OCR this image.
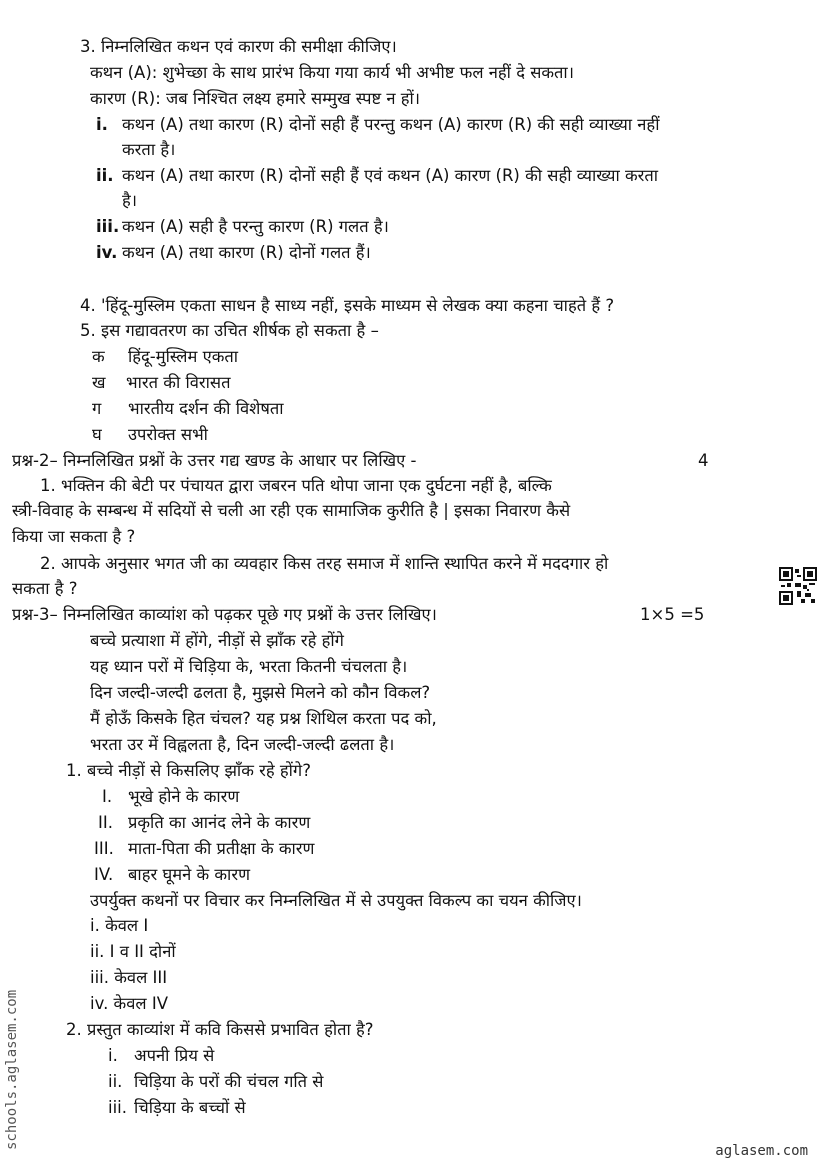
3. निम्नलिखित कथन एवं कारण की समीक्षा कीजिए।
कथन (A): शुभेच्छा के साथ प्रारंभ किया गया कार्य भी अभीष्ट फल नहीं दे सकता।
कारण (R): जब निश्चित लक्ष्य हमारे सम्मुख स्पष्ट न हों।
i. कथन (A) तथा कारण (R) दोनों सही हैं परन्तु कथन (A) कारण (R) की सही व्याख्या नहीं
करता है।
ii. कथन (A) तथा कारण (R) दोनों सही हैं एवं कथन (A) कारण (R) की सही व्याख्या करता
है।
iii. कथन (A) सही है परन्तु कारण (R) गलत है।
iv. कथन (A) तथा कारण (R) दोनों गलत हैं।
4. 'हिंदू-मुस्लिम एकता साधन है साध्य नहीं, इसके माध्यम से लेखक क्या कहना चाहते हैं ?
5. इस गद्यावतरण का उचित शीर्षक हो सकता है –
क हिंदू-मुस्लिम एकता
ख भारत की विरासत
ग भारतीय दर्शन की विशेषता
घ उपरोक्त सभी
प्रश्न-2– निम्नलिखित प्रश्नों के उत्तर गद्य खण्ड के आधार पर लिखिए -	4
1. भक्तिन की बेटी पर पंचायत द्वारा जबरन पति थोपा जाना एक दुर्घटना नहीं है, बल्कि
स्त्री-विवाह के सम्बन्ध में सदियों से चली आ रही एक सामाजिक कुरीति है | इसका निवारण कैसे
किया जा सकता है ?
2. आपके अनुसार भगत जी का व्यवहार किस तरह समाज में शान्ति स्थापित करने में मददगार हो
सकता है ?
प्रश्न-3– निम्नलिखित काव्यांश को पढ़कर पूछे गए प्रश्नों के उत्तर लिखिए।	1×5 =5
बच्चे प्रत्याशा में होंगे, नीड़ों से झाँक रहे होंगे
यह ध्यान परों में चिड़िया के, भरता कितनी चंचलता है।
दिन जल्दी-जल्दी ढलता है, मुझसे मिलने को कौन विकल?
मैं होऊँ किसके हित चंचल? यह प्रश्न शिथिल करता पद को,
भरता उर में विह्वलता है, दिन जल्दी-जल्दी ढलता है।
1. बच्चे नीड़ों से किसलिए झाँक रहे होंगे?
I. भूखे होने के कारण
II. प्रकृति का आनंद लेने के कारण
III. माता-पिता की प्रतीक्षा के कारण
IV. बाहर घूमने के कारण
उपर्युक्त कथनों पर विचार कर निम्नलिखित में से उपयुक्त विकल्प का चयन कीजिए।
i. केवल I
ii. I व II दोनों
iii. केवल III
iv. केवल IV
2. प्रस्तुत काव्यांश में कवि किससे प्रभावित होता है?
i. अपनी प्रिय से
ii. चिड़िया के परों की चंचल गति से
iii. चिड़िया के बच्चों से
schools.aglasem.com
aglasem.com
